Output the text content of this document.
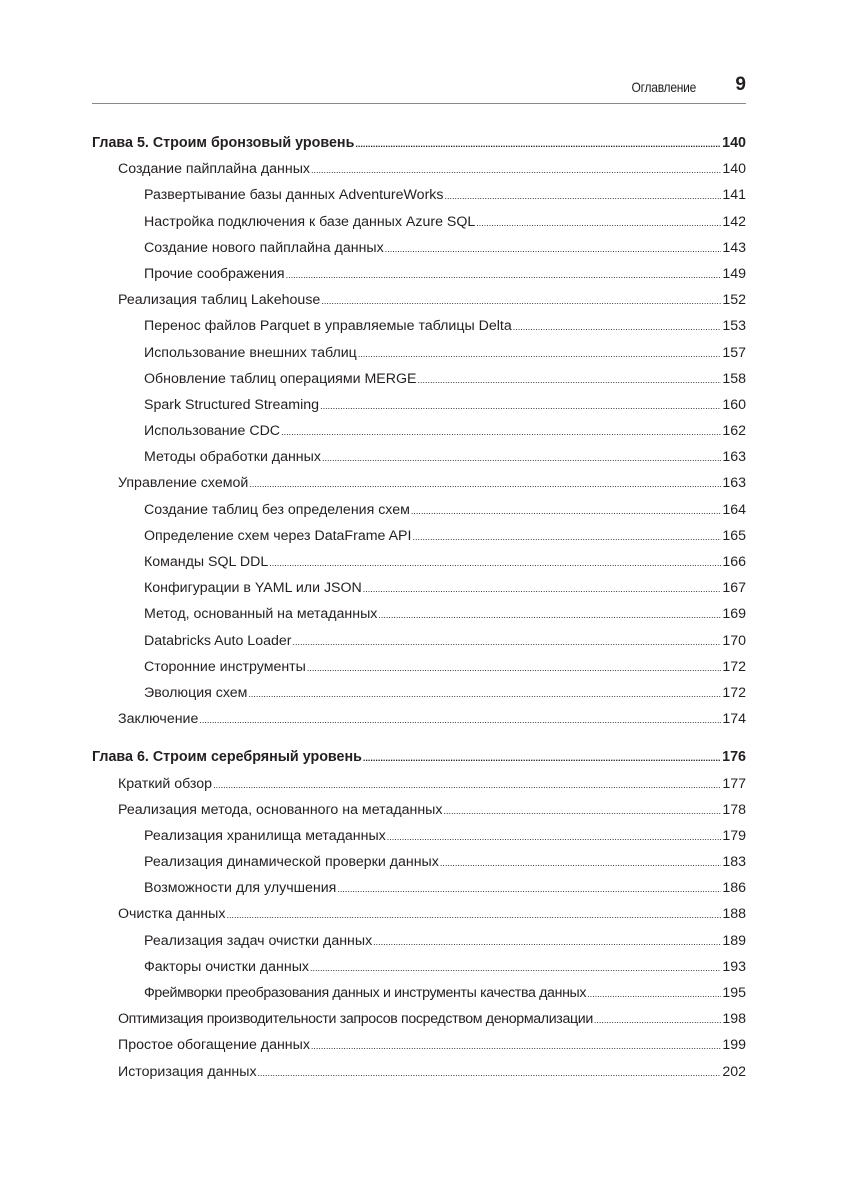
Оглавление 9
Глава 5. Строим бронзовый уровень .....	140
Создание пайплайна данных .....	140
Развертывание базы данных AdventureWorks .....	141
Настройка подключения к базе данных Azure SQL .....	142
Создание нового пайплайна данных .....	143
Прочие соображения .....	149
Реализация таблиц Lakehouse .....	152
Перенос файлов Parquet в управляемые таблицы Delta .....	153
Использование внешних таблиц .....	157
Обновление таблиц операциями MERGE .....	158
Spark Structured Streaming .....	160
Использование CDC .....	162
Методы обработки данных .....	163
Управление схемой .....	163
Создание таблиц без определения схем .....	164
Определение схем через DataFrame API .....	165
Команды SQL DDL .....	166
Конфигурации в YAML или JSON .....	167
Метод, основанный на метаданных .....	169
Databricks Auto Loader .....	170
Сторонние инструменты .....	172
Эволюция схем .....	172
Заключение .....	174
Глава 6. Строим серебряный уровень .....	176
Краткий обзор .....	177
Реализация метода, основанного на метаданных .....	178
Реализация хранилища метаданных .....	179
Реализация динамической проверки данных .....	183
Возможности для улучшения .....	186
Очистка данных .....	188
Реализация задач очистки данных .....	189
Факторы очистки данных .....	193
Фреймворки преобразования данных и инструменты качества данных .....	195
Оптимизация производительности запросов посредством денормализации .....	198
Простое обогащение данных .....	199
Историзация данных .....	202
